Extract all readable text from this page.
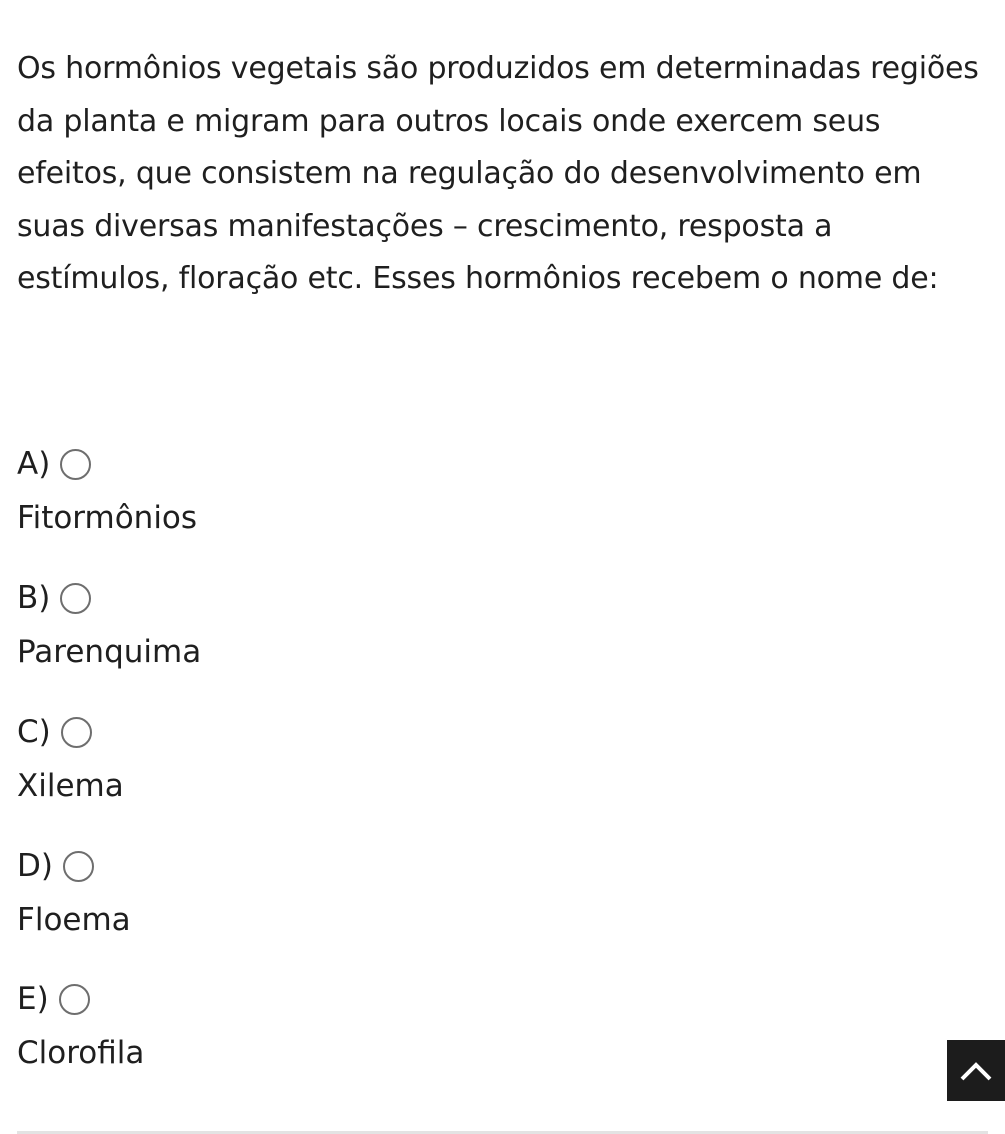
Os hormônios vegetais são produzidos em determinadas regiões da planta e migram para outros locais onde exercem seus efeitos, que consistem na regulação do desenvolvimento em suas diversas manifestações – crescimento, resposta a estímulos, floração etc. Esses hormônios recebem o nome de:

A)
Fitormônios
B)
Parenquima
C)
Xilema
D)
Floema
E)
Clorofila
